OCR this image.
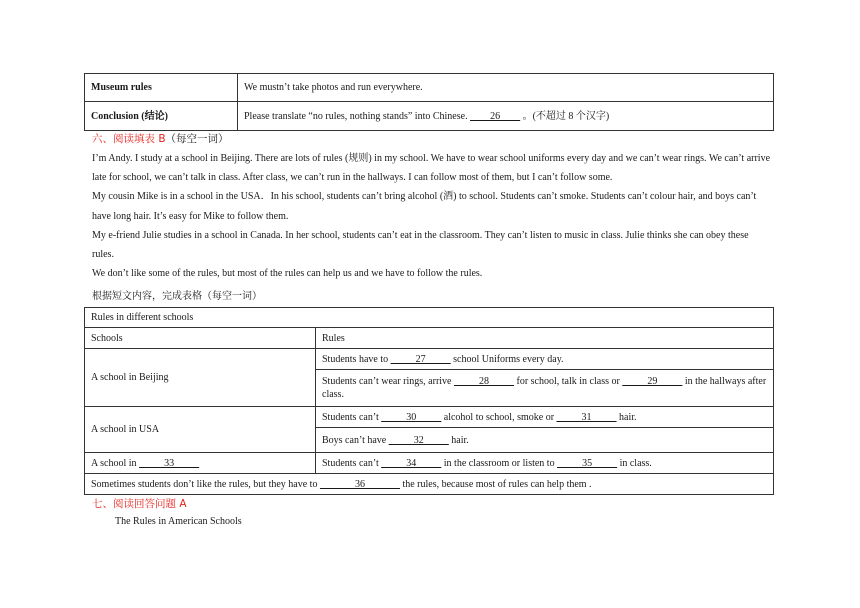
Museum rules	We mustn’t take photos and run everywhere.
Conclusion (结论)	Please translate “no rules, nothing stands” into Chinese. ____26____ 。(不超过 8 个汉字)
六、阅读填表 B（每空一词）

I’m Andy. I study at a school in Beijing. There are lots of rules (规则) in my school. We have to wear school uniforms every day and we can’t wear rings. We can’t arrive late for school, we can’t talk in class. After class, we can’t run in the hallways. I can follow most of them, but I can’t follow some.

My cousin Mike is in a school in the USA．In his school, students can’t bring alcohol (酒) to school. Students can’t smoke. Students can’t colour hair, and boys can’t have long hair. It’s easy for Mike to follow them.

My e-friend Julie studies in a school in Canada. In her school, students can’t eat in the classroom. They can’t listen to music in class. Julie thinks she can obey these rules.

We don’t like some of the rules, but most of the rules can help us and we have to follow the rules.

根据短文内容，完成表格（每空一词）
Rules in different schools	
Schools	Rules
A school in Beijing	Students have to _____27_____ school Uniforms every day.
	Students can’t wear rings, arrive _____28_____ for school, talk in class or _____29_____ in the hallways after class.
A school in USA	Students can’t _____30_____ alcohol to school, smoke or _____31_____ hair.
	Boys can’t have _____32_____ hair.
A school in _____33_____	Students can’t _____34_____ in the classroom or listen to _____35_____ in class.
Sometimes students don’t like the rules, but they have to _______36_______ the rules, because most of rules can help them .	
七、阅读回答问题 A
The Rules in American Schools
